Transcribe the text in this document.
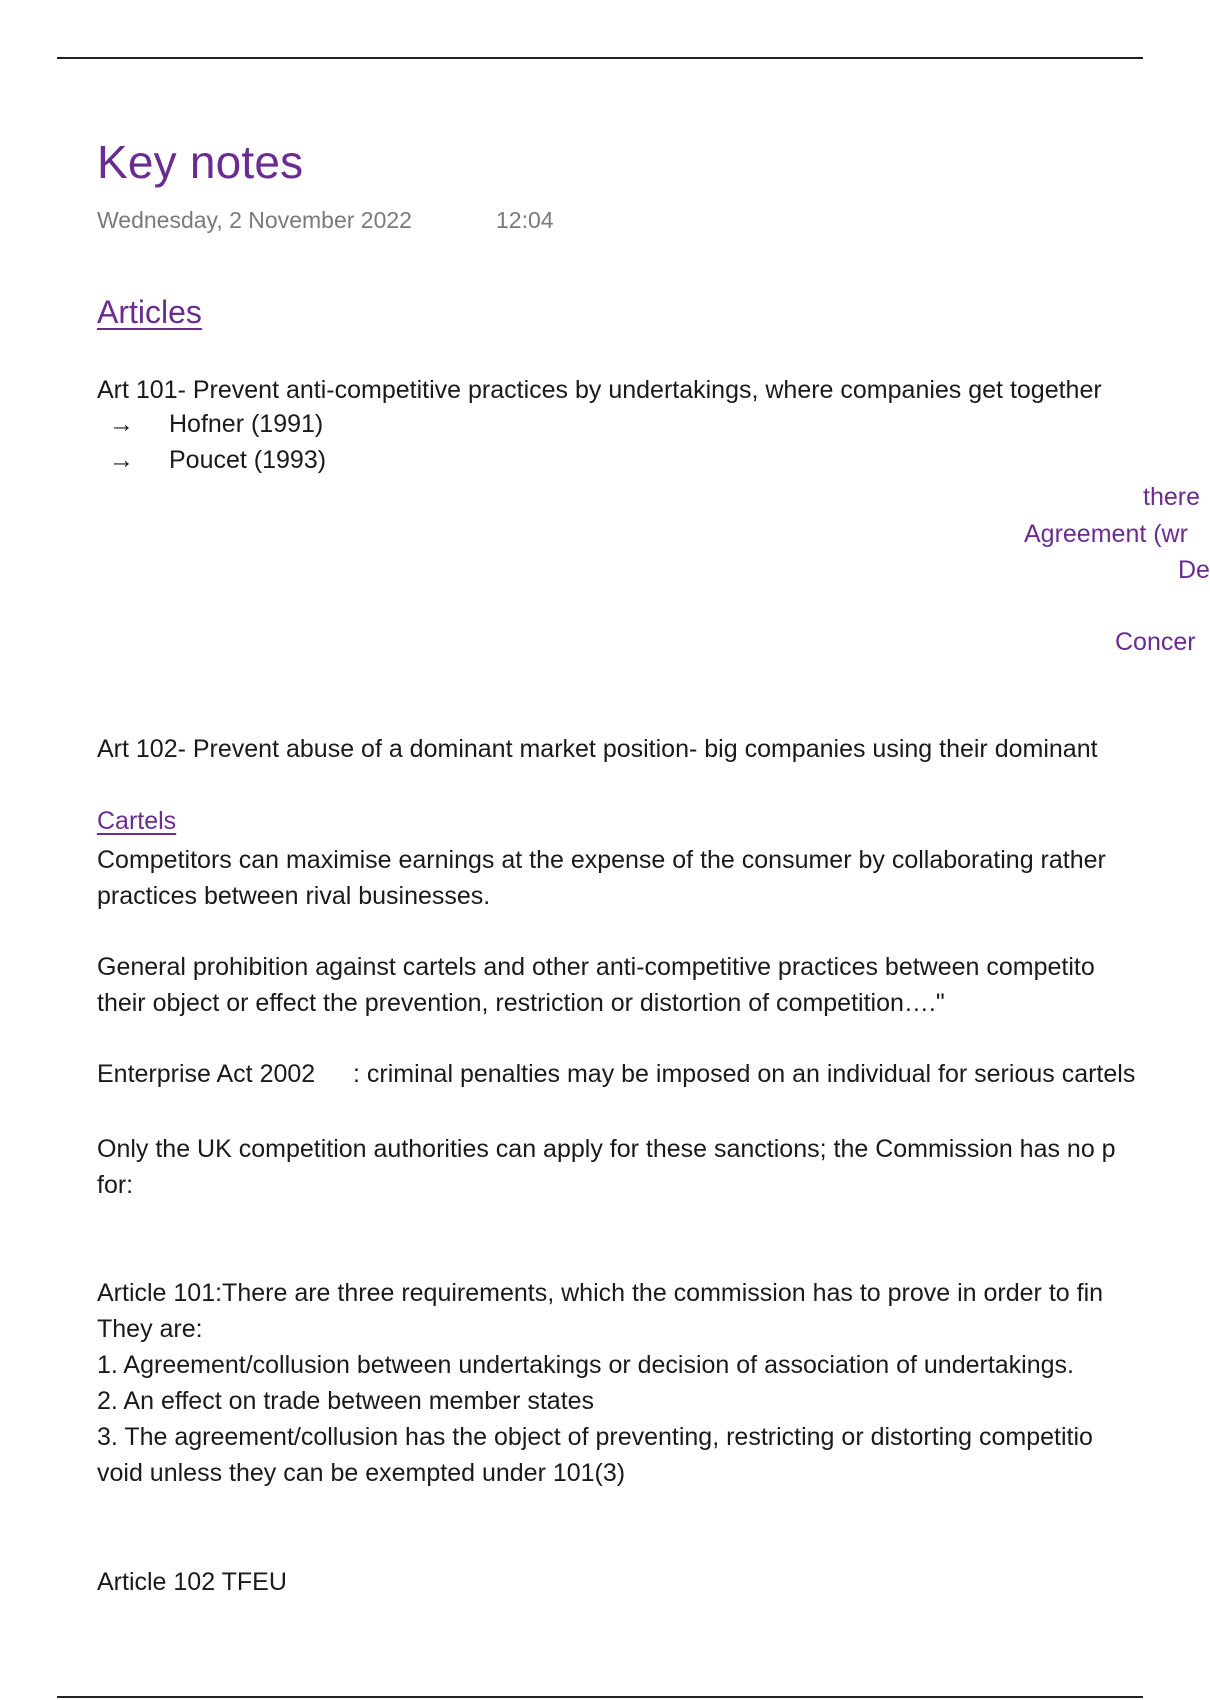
Key notes
Wednesday, 2 November 2022	12:04
Articles
Art 101- Prevent anti-competitive practices by undertakings, where companies get together
→ Hofner (1991)
→ Poucet (1993)
there
Agreement (wr
De
Concer
Art 102- Prevent abuse of a dominant market position- big companies using their dominant
Cartels
Competitors can maximise earnings at the expense of the consumer by collaborating rather
practices between rival businesses.
General prohibition against cartels and other anti-competitive practices between competito
their object or effect the prevention, restriction or distortion of competition…."
Enterprise Act 2002 : criminal penalties may be imposed on an individual for serious cartels
Only the UK competition authorities can apply for these sanctions; the Commission has no p
for:
Article 101:There are three requirements, which the commission has to prove in order to fin
They are:
1. Agreement/collusion between undertakings or decision of association of undertakings.
2. An effect on trade between member states
3. The agreement/collusion has the object of preventing, restricting or distorting competitio
void unless they can be exempted under 101(3)
Article 102 TFEU
